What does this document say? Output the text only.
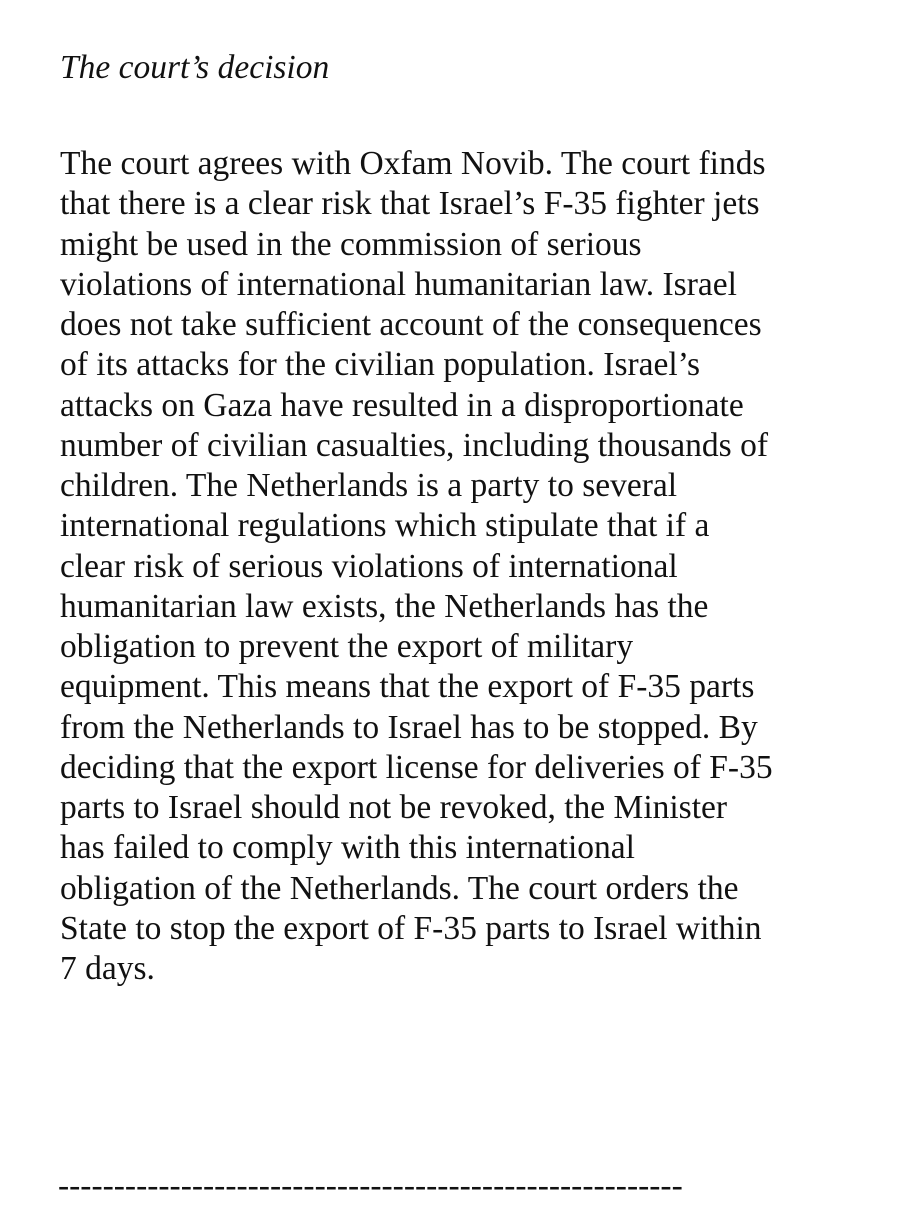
The court’s decision

The court agrees with Oxfam Novib. The court finds
that there is a clear risk that Israel’s F-35 fighter jets
might be used in the commission of serious
violations of international humanitarian law. Israel
does not take sufficient account of the consequences
of its attacks for the civilian population. Israel’s
attacks on Gaza have resulted in a disproportionate
number of civilian casualties, including thousands of
children. The Netherlands is a party to several
international regulations which stipulate that if a
clear risk of serious violations of international
humanitarian law exists, the Netherlands has the
obligation to prevent the export of military
equipment. This means that the export of F-35 parts
from the Netherlands to Israel has to be stopped. By
deciding that the export license for deliveries of F-35
parts to Israel should not be revoked, the Minister
has failed to comply with this international
obligation of the Netherlands. The court orders the
State to stop the export of F-35 parts to Israel within
7 days.

--------------------------------------------------------
